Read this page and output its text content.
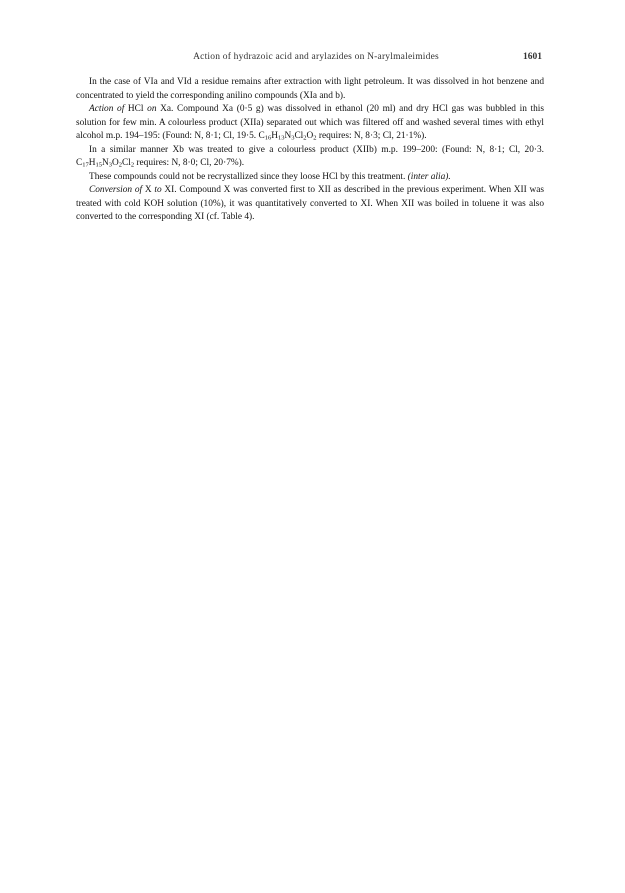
Action of hydrazoic acid and arylazides on N-arylmaleimides	1601

In the case of VIa and VId a residue remains after extraction with light petroleum. It was dissolved in hot benzene and concentrated to yield the corresponding anilino compounds (XIa and b).

Action of HCl on Xa. Compound Xa (0·5 g) was dissolved in ethanol (20 ml) and dry HCl gas was bubbled in this solution for few min. A colourless product (XIIa) separated out which was filtered off and washed several times with ethyl alcohol m.p. 194–195: (Found: N, 8·1; Cl, 19·5. $C_{16}H_{13}N_3Cl_2O_2$ requires: N, 8·3; Cl, 21·1%).

In a similar manner Xb was treated to give a colourless product (XIIb) m.p. 199–200: (Found: N, 8·1; Cl, 20·3. $C_{17}H_{15}N_3O_2Cl_2$ requires: N, 8·0; Cl, 20·7%).

These compounds could not be recrystallized since they loose HCl by this treatment. (inter alia).

Conversion of X to XI. Compound X was converted first to XII as described in the previous experiment. When XII was treated with cold KOH solution (10%), it was quantitatively converted to XI. When XII was boiled in toluene it was also converted to the corresponding XI (cf. Table 4).
